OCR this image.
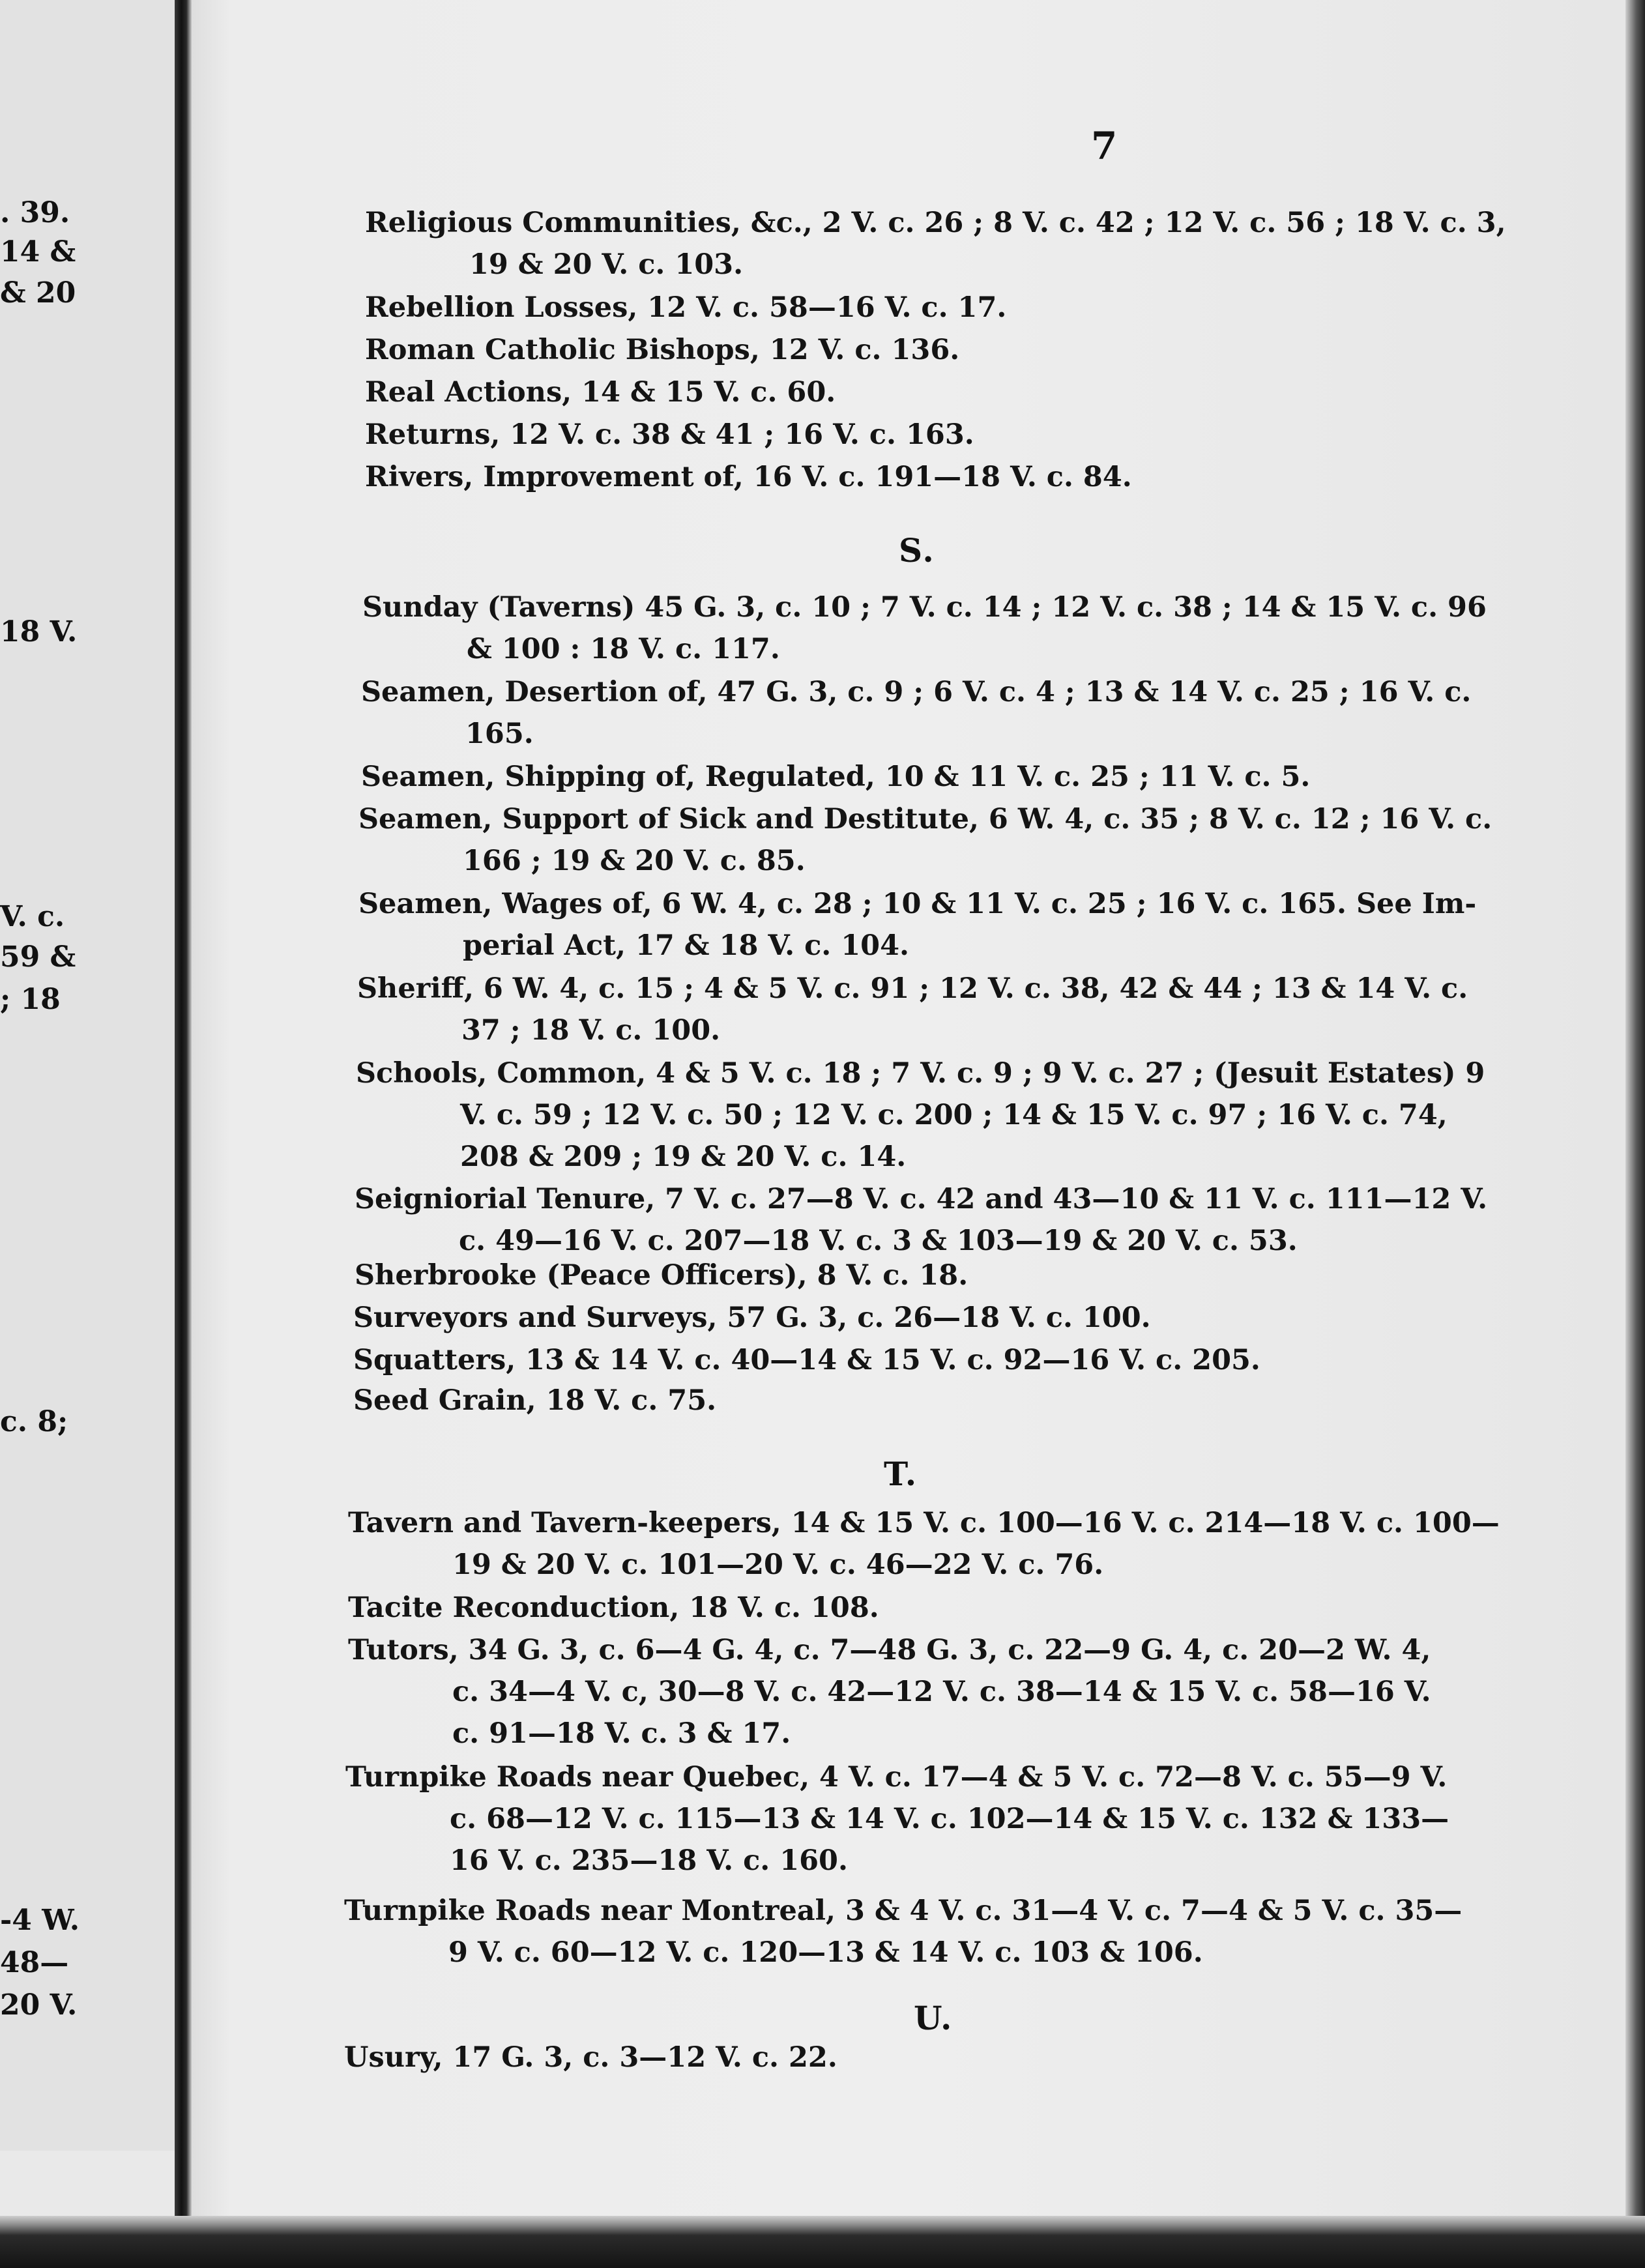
. 39.
14 &
& 20
18 V.
V. c.
59 &
; 18
c. 8;
-4 W.
48—
20 V.
7
Religious Communities, &c., 2 V. c. 26 ; 8 V. c. 42 ; 12 V. c. 56 ; 18 V. c. 3,
19 & 20 V. c. 103.
Rebellion Losses, 12 V. c. 58—16 V. c. 17.
Roman Catholic Bishops, 12 V. c. 136.
Real Actions, 14 & 15 V. c. 60.
Returns, 12 V. c. 38 & 41 ; 16 V. c. 163.
Rivers, Improvement of, 16 V. c. 191—18 V. c. 84.
S.
Sunday (Taverns) 45 G. 3, c. 10 ; 7 V. c. 14 ; 12 V. c. 38 ; 14 & 15 V. c. 96
& 100 : 18 V. c. 117.
Seamen, Desertion of, 47 G. 3, c. 9 ; 6 V. c. 4 ; 13 & 14 V. c. 25 ; 16 V. c.
165.
Seamen, Shipping of, Regulated, 10 & 11 V. c. 25 ; 11 V. c. 5.
Seamen, Support of Sick and Destitute, 6 W. 4, c. 35 ; 8 V. c. 12 ; 16 V. c.
166 ; 19 & 20 V. c. 85.
Seamen, Wages of, 6 W. 4, c. 28 ; 10 & 11 V. c. 25 ; 16 V. c. 165. See Im-
perial Act, 17 & 18 V. c. 104.
Sheriff, 6 W. 4, c. 15 ; 4 & 5 V. c. 91 ; 12 V. c. 38, 42 & 44 ; 13 & 14 V. c.
37 ; 18 V. c. 100.
Schools, Common, 4 & 5 V. c. 18 ; 7 V. c. 9 ; 9 V. c. 27 ; (Jesuit Estates) 9
V. c. 59 ; 12 V. c. 50 ; 12 V. c. 200 ; 14 & 15 V. c. 97 ; 16 V. c. 74,
208 & 209 ; 19 & 20 V. c. 14.
Seigniorial Tenure, 7 V. c. 27—8 V. c. 42 and 43—10 & 11 V. c. 111—12 V.
c. 49—16 V. c. 207—18 V. c. 3 & 103—19 & 20 V. c. 53.
Sherbrooke (Peace Officers), 8 V. c. 18.
Surveyors and Surveys, 57 G. 3, c. 26—18 V. c. 100.
Squatters, 13 & 14 V. c. 40—14 & 15 V. c. 92—16 V. c. 205.
Seed Grain, 18 V. c. 75.
T.
Tavern and Tavern-keepers, 14 & 15 V. c. 100—16 V. c. 214—18 V. c. 100—
19 & 20 V. c. 101—20 V. c. 46—22 V. c. 76.
Tacite Reconduction, 18 V. c. 108.
Tutors, 34 G. 3, c. 6—4 G. 4, c. 7—48 G. 3, c. 22—9 G. 4, c. 20—2 W. 4,
c. 34—4 V. c, 30—8 V. c. 42—12 V. c. 38—14 & 15 V. c. 58—16 V.
c. 91—18 V. c. 3 & 17.
Turnpike Roads near Quebec, 4 V. c. 17—4 & 5 V. c. 72—8 V. c. 55—9 V.
c. 68—12 V. c. 115—13 & 14 V. c. 102—14 & 15 V. c. 132 & 133—
16 V. c. 235—18 V. c. 160.
Turnpike Roads near Montreal, 3 & 4 V. c. 31—4 V. c. 7—4 & 5 V. c. 35—
9 V. c. 60—12 V. c. 120—13 & 14 V. c. 103 & 106.
U.
Usury, 17 G. 3, c. 3—12 V. c. 22.
